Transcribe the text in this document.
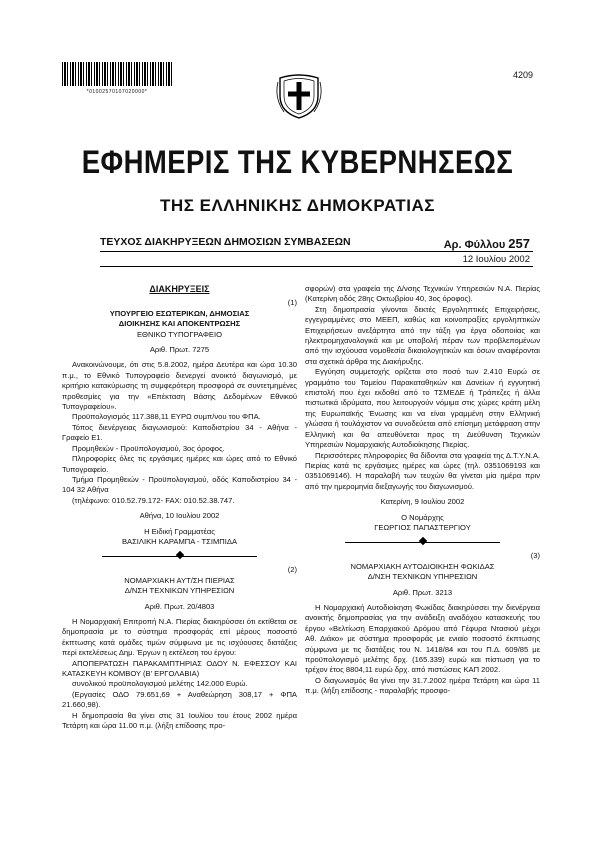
*01002570107020000*
4209
ΕΦΗΜΕΡΙΣ ΤΗΣ ΚΥΒΕΡΝΗΣΕΩΣ
ΤΗΣ ΕΛΛΗΝΙΚΗΣ ΔΗΜΟΚΡΑΤΙΑΣ
ΤΕΥΧΟΣ ΔΙΑΚΗΡΥΞΕΩΝ ΔΗΜΟΣΙΩΝ ΣΥΜΒΑΣΕΩΝ	Αρ. Φύλλου 257
12 Ιουλίου 2002

ΔΙΑΚΗΡΥΞΕΙΣ

(1)

ΥΠΟΥΡΓΕΙΟ ΕΣΩΤΕΡΙΚΩΝ, ΔΗΜΟΣΙΑΣ

ΔΙΟΙΚΗΣΗΣ ΚΑΙ ΑΠΟΚΕΝΤΡΩΣΗΣ

ΕΘΝΙΚΟ ΤΥΠΟΓΡΑΦΕΙΟ

Αριθ. Πρωτ. 7275

Ανακοινώνουμε, ότι στις 5.8.2002, ημέρα Δευτέρα και ώρα 10.30 π.μ., το Εθνικό Τυπογραφείο διενεργεί ανοικτό διαγωνισμό, με κριτήριο κατακύρωσης τη συμφερότερη προσφορά σε συντετμημένες προθεσμίες για την «Επέκταση Βάσης Δεδομένων Εθνικού Τυπογραφείου».

Προϋπολογισμός 117.388,11 ΕΥΡΩ συμπ/νου του ΦΠΑ.

Τόπος διενέργειας διαγωνισμού: Καποδιστρίου 34 - Αθήνα - Γραφείο Ε1.

Προμηθειών - Προϋπολογισμού, 3ος όροφος.

Πληροφορίες όλες τις εργάσιμες ημέρες και ώρες από το Εθνικό Τυπογραφείο.

Τμήμα Προμηθειών - Προϋπολογισμού, οδός Καποδιστρίου 34 - 104 32 Αθήνα

(τηλέφωνο: 010.52.79.172- FAX: 010.52.38.747.

Αθήνα, 10 Ιουλίου 2002

Η Ειδική Γραμματέας

ΒΑΣΙΛΙΚΗ ΚΑΡΑΜΠΑ - ΤΣΙΜΠΙΔΑ

(2)

ΝΟΜΑΡΧΙΑΚΗ ΑΥΤ/ΣΗ ΠΙΕΡΙΑΣ

Δ/ΝΣΗ ΤΕΧΝΙΚΩΝ ΥΠΗΡΕΣΙΩΝ

Αριθ. Πρωτ. 20/4803

Η Νομαρχιακή Επιτροπή Ν.Α. Πιερίας διακηρύσσει ότι εκτίθεται σε δημοπρασία με το σύστημα προσφοράς επί μέρους ποσοστό έκπτωσης κατά ομάδες τιμών σύμφωνα με τις ισχύουσες διατάξεις περί εκτελέσεως Δημ. Έργων η εκτέλεση του έργου:

ΑΠΟΠΕΡΑΤΩΣΗ ΠΑΡΑΚΑΜΠΤΗΡΙΑΣ ΟΔΟΥ Ν. ΕΦΕΣΣΟΥ ΚΑΙ ΚΑΤΑΣΚΕΥΗ ΚΟΜΒΟΥ (Β' ΕΡΓΟΛΑΒΙΑ)

συνολικού προϋπολογισμού μελέτης 142.000 Ευρώ.

(Εργασίες ΟΔΟ 79.651,69 + Αναθεώρηση 308,17 + ΦΠΑ 21.660,98).

Η δημοπρασία θα γίνει στις 31 Ιουλίου του έτους 2002 ημέρα Τετάρτη και ώρα 11.00 π.μ. (λήξη επίδοσης προ-

σφορών) στα γραφεία της Δ/νσης Τεχνικών Υπηρεσιών Ν.Α. Πιερίας (Κατερίνη οδός 28ης Οκτωβρίου 40, 3ος όροφος).

Στη δημοπρασία γίνονται δεκτές Εργοληπτικές Επιχειρήσεις, εγγεγραμμένες στο ΜΕΕΠ, καθώς και κοινοπραξίες εργοληπτικών Επιχειρήσεων ανεξάρτητα από την τάξη για έργα οδοποιίας και ηλεκτρομηχανολογικά και με υποβολή πέραν των προβλεπομένων από την ισχύουσα νομοθεσία δικαιολογητικών και όσων αναφέρονται στα σχετικά άρθρα της Διακήρυξης.

Εγγύηση συμμετοχής ορίζεται στο ποσό των 2.410 Ευρώ σε γραμμάτιο του Ταμείου Παρακαταθηκών και Δανείων ή εγγυητική επιστολή που έχει εκδοθεί από το ΤΣΜΕΔΕ ή Τράπεζες ή άλλα πιστωτικά ιδρύματα, που λειτουργούν νόμιμα στις χώρες κράτη μέλη της Ευρωπαϊκής Ένωσης και να είναι γραμμένη στην Ελληνική γλώσσα ή τουλάχιστον να συνοδεύεται από επίσημη μετάφραση στην Ελληνική και θα απευθύνεται προς τη Διεύθυνση Τεχνικών Υπηρεσιών Νομαρχιακής Αυτοδιοίκησης Πιερίας.

Περισσότερες πληροφορίες θα δίδονται στα γραφεία της Δ.Τ.Υ.Ν.Α. Πιερίας κατά τις εργάσιμες ημέρες και ώρες (τηλ. 0351069193 και 0351069146). Η παραλαβή των τευχών θα γίνεται μία ημέρα πριν από την ημερομηνία διεξαγωγής του διαγωνισμού.

Κατερίνη, 9 Ιουλίου 2002

Ο Νομάρχης

ΓΕΩΡΓΙΟΣ ΠΑΠΑΣΤΕΡΓΙΟΥ

(3)

ΝΟΜΑΡΧΙΑΚΗ ΑΥΤΟΔΙΟΙΚΗΣΗ ΦΩΚΙΔΑΣ

Δ/ΝΣΗ ΤΕΧΝΙΚΩΝ ΥΠΗΡΕΣΙΩΝ

Αριθ. Πρωτ. 3213

Η Νομαρχιακή Αυτοδιοίκηση Φωκίδας διακηρύσσει την διενέργεια ανοικτής δημοπρασίας για την ανάδειξη αναδόχου κατασκευής του έργου «Βελτίωση Επαρχιακού Δρόμου από Γέφυρα Ντασιού μέχρι Αθ. Διάκο» με σύστημα προσφοράς με ενιαίο ποσοστό έκπτωσης σύμφωνα με τις διατάξεις του Ν. 1418/84 και του Π.Δ. 609/85 με προϋπολογισμό μελέτης δρχ. (165.339) ευρώ και πίστωση για το τρέχον έτος 8804,11 ευρώ δρχ. από πιστώσεις ΚΑΠ 2002.

Ο διαγωνισμός θα γίνει την 31.7.2002 ημέρα Τετάρτη και ώρα 11 π.μ. (λήξη επίδοσης - παραλαβής προσφο-
